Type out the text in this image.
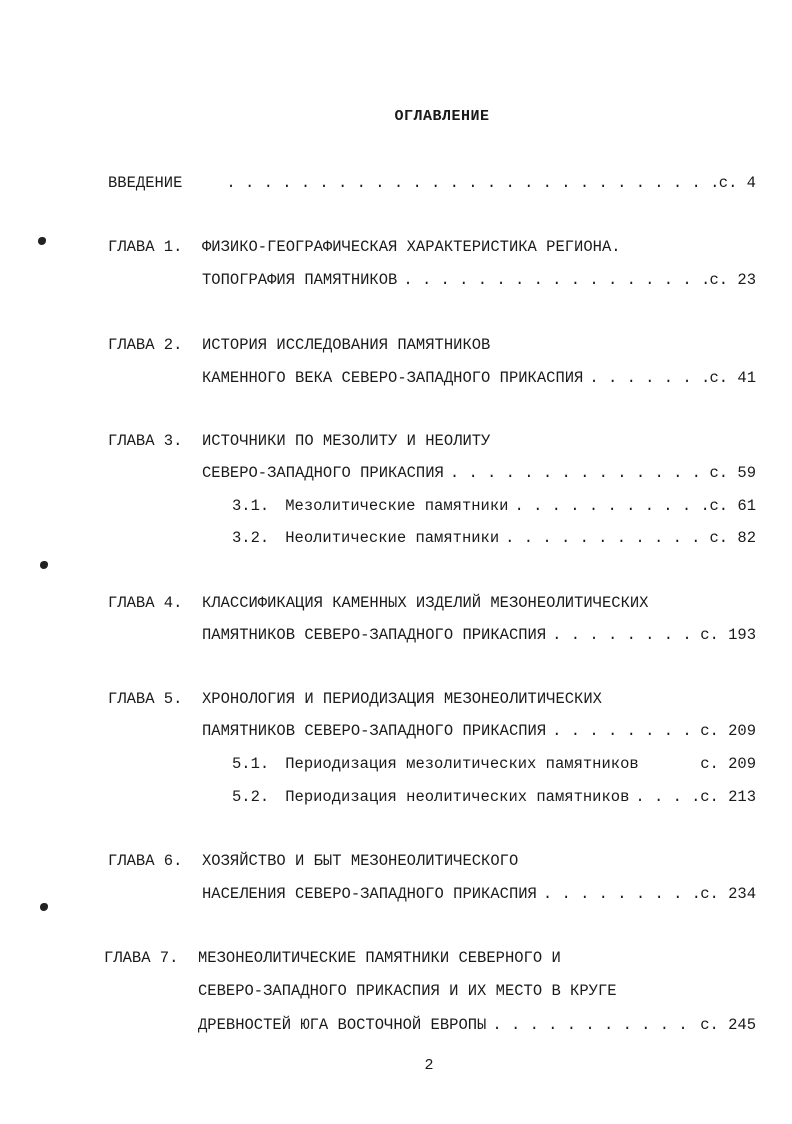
ОГЛАВЛЕНИЕ
ВВЕДЕНИЕ . . .	с. 4
ГЛАВА 1. ФИЗИКО-ГЕОГРАФИЧЕСКАЯ ХАРАКТЕРИСТИКА РЕГИОНА.
ТОПОГРАФИЯ ПАМЯТНИКОВ . . .	с. 23
ГЛАВА 2. ИСТОРИЯ ИССЛЕДОВАНИЯ ПАМЯТНИКОВ
КАМЕННОГО ВЕКА СЕВЕРО-ЗАПАДНОГО ПРИКАСПИЯ . . .	с. 41
ГЛАВА 3. ИСТОЧНИКИ ПО МЕЗОЛИТУ И НЕОЛИТУ
СЕВЕРО-ЗАПАДНОГО ПРИКАСПИЯ . . .	с. 59
3.1. Мезолитические памятники . . .	с. 61
3.2. Неолитические памятники . . .	с. 82
ГЛАВА 4. КЛАССИФИКАЦИЯ КАМЕННЫХ ИЗДЕЛИЙ МЕЗОНЕОЛИТИЧЕСКИХ
ПАМЯТНИКОВ СЕВЕРО-ЗАПАДНОГО ПРИКАСПИЯ . . .	с. 193
ГЛАВА 5. ХРОНОЛОГИЯ И ПЕРИОДИЗАЦИЯ МЕЗОНЕОЛИТИЧЕСКИХ
ПАМЯТНИКОВ СЕВЕРО-ЗАПАДНОГО ПРИКАСПИЯ . . .	с. 209
5.1. Периодизация мезолитических памятников	с. 209
5.2. Периодизация неолитических памятников . . .	с. 213
ГЛАВА 6. ХОЗЯЙСТВО И БЫТ МЕЗОНЕОЛИТИЧЕСКОГО
НАСЕЛЕНИЯ СЕВЕРО-ЗАПАДНОГО ПРИКАСПИЯ . . .	с. 234
ГЛАВА 7. МЕЗОНЕОЛИТИЧЕСКИЕ ПАМЯТНИКИ СЕВЕРНОГО И
СЕВЕРО-ЗАПАДНОГО ПРИКАСПИЯ И ИХ МЕСТО В КРУГЕ
ДРЕВНОСТЕЙ ЮГА ВОСТОЧНОЙ ЕВРОПЫ . . .	с. 245
2
